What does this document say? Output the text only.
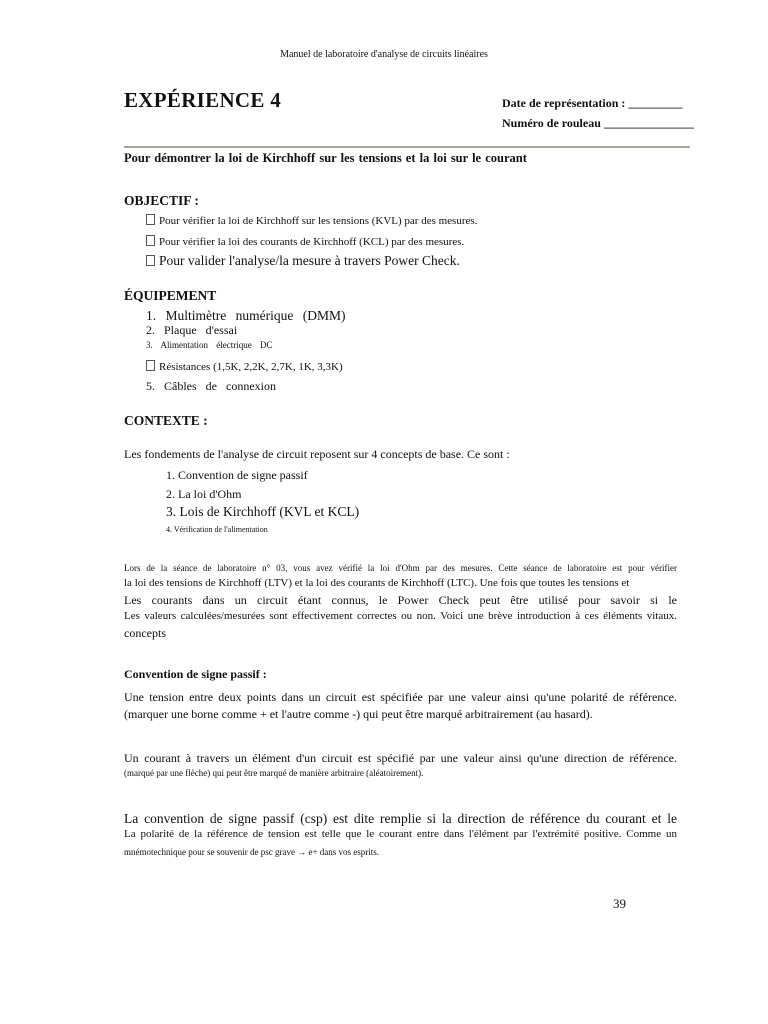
Manuel de laboratoire d'analyse de circuits linéaires
EXPÉRIENCE 4	Date de représentation : _________
Numéro de rouleau _______________
Pour démontrer la loi de Kirchhoff sur les tensions et la loi sur le courant
OBJECTIF :
Pour vérifier la loi de Kirchhoff sur les tensions (KVL) par des mesures.
Pour vérifier la loi des courants de Kirchhoff (KCL) par des mesures.
Pour valider l'analyse/la mesure à travers Power Check.
ÉQUIPEMENT
1. Multimètre numérique (DMM)
2. Plaque d'essai
3. Alimentation électrique DC
Résistances (1,5K, 2,2K, 2,7K, 1K, 3,3K)
5. Câbles de connexion
CONTEXTE :
Les fondements de l'analyse de circuit reposent sur 4 concepts de base. Ce sont :
1. Convention de signe passif
2. La loi d'Ohm
3. Lois de Kirchhoff (KVL et KCL)
4. Vérification de l'alimentation
Lors de la séance de laboratoire n° 03, vous avez vérifié la loi d'Ohm par des mesures. Cette séance de laboratoire est pour vérifier
la loi des tensions de Kirchhoff (LTV) et la loi des courants de Kirchhoff (LTC). Une fois que toutes les tensions et
Les courants dans un circuit étant connus, le Power Check peut être utilisé pour savoir si le
Les valeurs calculées/mesurées sont effectivement correctes ou non. Voici une brève introduction à ces éléments vitaux.
concepts
Convention de signe passif :
Une tension entre deux points dans un circuit est spécifiée par une valeur ainsi qu'une polarité de référence.
(marquer une borne comme + et l'autre comme -) qui peut être marqué arbitrairement (au hasard).
Un courant à travers un élément d'un circuit est spécifié par une valeur ainsi qu'une direction de référence.
(marqué par une flèche) qui peut être marqué de manière arbitraire (aléatoirement).
La convention de signe passif (csp) est dite remplie si la direction de référence du courant et le
La polarité de la référence de tension est telle que le courant entre dans l'élément par l'extrémité positive. Comme un
mnémotechnique pour se souvenir de psc grave → e+ dans vos esprits.
39
